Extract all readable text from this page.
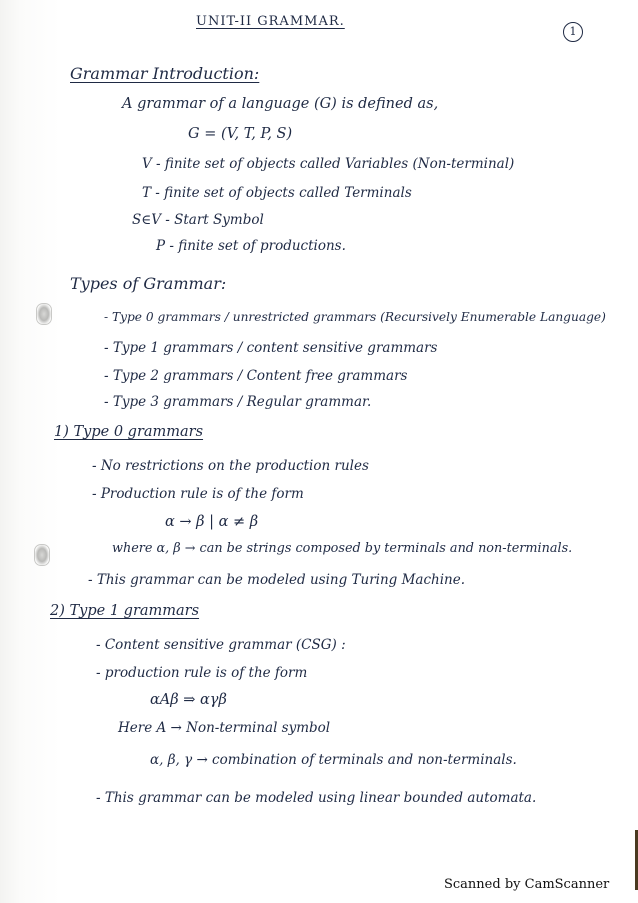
UNIT-II GRAMMAR.
1
Grammar Introduction:
A grammar of a language (G) is defined as,
G = (V, T, P, S)
V - finite set of objects called Variables (Non-terminal)
T - finite set of objects called Terminals
S∈V - Start Symbol
P - finite set of productions.
Types of Grammar:
- Type 0 grammars / unrestricted grammars (Recursively Enumerable Language)
- Type 1 grammars / content sensitive grammars
- Type 2 grammars / Content free grammars
- Type 3 grammars / Regular grammar.
1) Type 0 grammars
- No restrictions on the production rules
- Production rule is of the form
α → β | α ≠ β
where α, β → can be strings composed by terminals and non-terminals.
- This grammar can be modeled using Turing Machine.
2) Type 1 grammars
- Content sensitive grammar (CSG) :
- production rule is of the form
αAβ ⇒ αγβ
Here A → Non-terminal symbol
α, β, γ → combination of terminals and non-terminals.
- This grammar can be modeled using linear bounded automata.
Scanned by CamScanner
